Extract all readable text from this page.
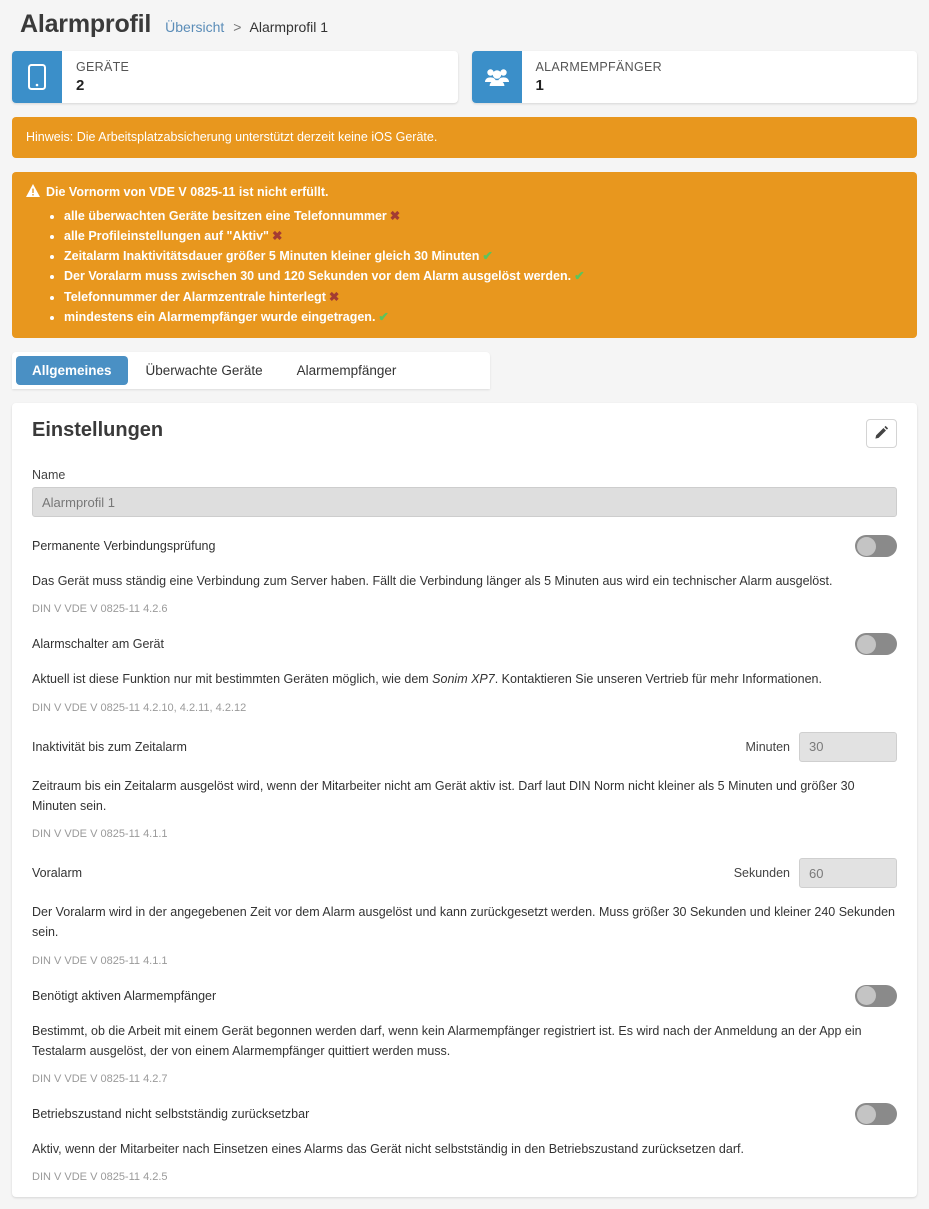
Alarmprofil Übersicht > Alarmprofil 1
GERÄTE
2
ALARMEMPFÄNGER
1
Hinweis: Die Arbeitsplatzabsicherung unterstützt derzeit keine iOS Geräte.
Die Vornorm von VDE V 0825-11 ist nicht erfüllt.
• alle überwachten Geräte besitzen eine Telefonnummer ✖
• alle Profileinstellungen auf "Aktiv" ✖
• Zeitalarm Inaktivitätsdauer größer 5 Minuten kleiner gleich 30 Minuten ✔
• Der Voralarm muss zwischen 30 und 120 Sekunden vor dem Alarm ausgelöst werden. ✔
• Telefonnummer der Alarmzentrale hinterlegt ✖
• mindestens ein Alarmempfänger wurde eingetragen. ✔
Allgemeines	Überwachte Geräte	Alarmempfänger
Einstellungen
Name
Alarmprofil 1
Permanente Verbindungsprüfung
Das Gerät muss ständig eine Verbindung zum Server haben. Fällt die Verbindung länger als 5 Minuten aus wird ein technischer Alarm ausgelöst.
DIN V VDE V 0825-11 4.2.6
Alarmschalter am Gerät
Aktuell ist diese Funktion nur mit bestimmten Geräten möglich, wie dem Sonim XP7. Kontaktieren Sie unseren Vertrieb für mehr Informationen.
DIN V VDE V 0825-11 4.2.10, 4.2.11, 4.2.12
Inaktivität bis zum Zeitalarm	Minuten
30
Zeitraum bis ein Zeitalarm ausgelöst wird, wenn der Mitarbeiter nicht am Gerät aktiv ist. Darf laut DIN Norm nicht kleiner als 5 Minuten und größer 30 Minuten sein.
DIN V VDE V 0825-11 4.1.1
Voralarm	Sekunden
60
Der Voralarm wird in der angegebenen Zeit vor dem Alarm ausgelöst und kann zurückgesetzt werden. Muss größer 30 Sekunden und kleiner 240 Sekunden sein.
DIN V VDE V 0825-11 4.1.1
Benötigt aktiven Alarmempfänger
Bestimmt, ob die Arbeit mit einem Gerät begonnen werden darf, wenn kein Alarmempfänger registriert ist. Es wird nach der Anmeldung an der App ein Testalarm ausgelöst, der von einem Alarmempfänger quittiert werden muss.
DIN V VDE V 0825-11 4.2.7
Betriebszustand nicht selbstständig zurücksetzbar
Aktiv, wenn der Mitarbeiter nach Einsetzen eines Alarms das Gerät nicht selbstständig in den Betriebszustand zurücksetzen darf.
DIN V VDE V 0825-11 4.2.5
